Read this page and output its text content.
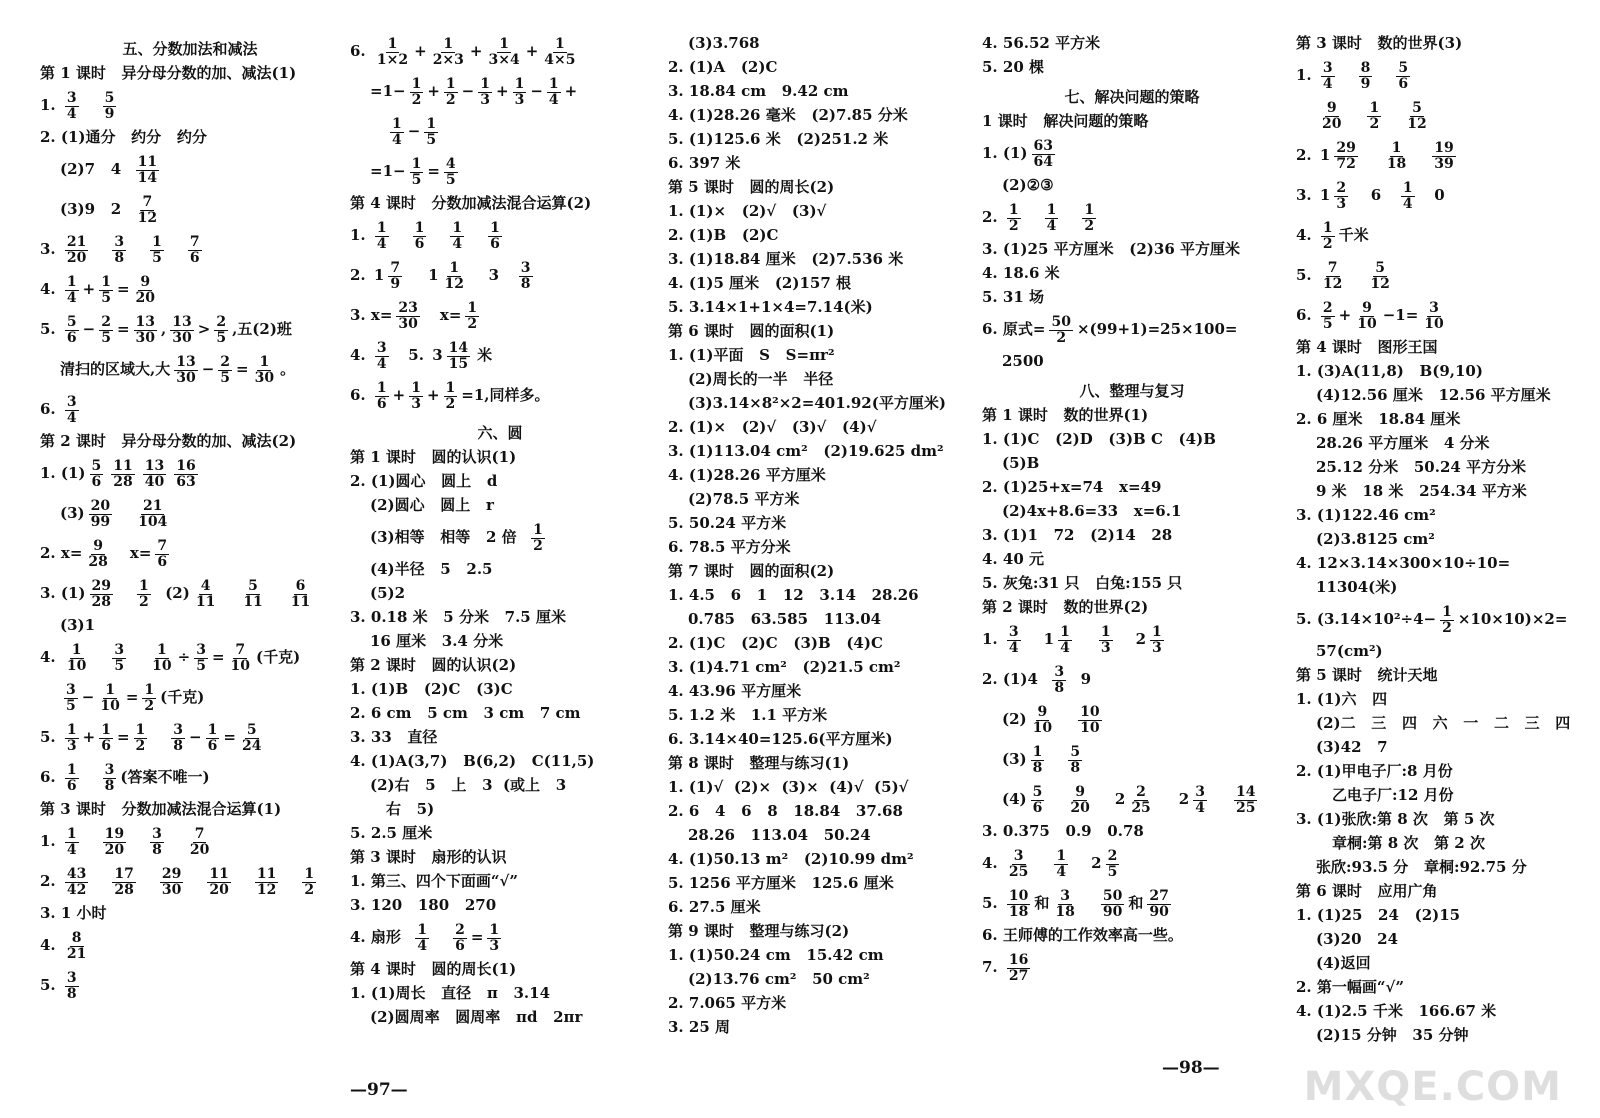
五、分数加法和减法
第 1 课时   异分母分数的加、减法(1)
1. $\frac{3}{4} \frac{5}{9}$
2. (1)通分   约分   约分
(2)7   $4 \frac{11}{14}$
(3)9   $2 \frac{7}{12}$
3. $\frac{21}{20} \frac{3}{8} \frac{1}{5} \frac{7}{6}$
4. $\frac{1}{4} + \frac{1}{5} = \frac{9}{20}$
5. $\frac{5}{6} - \frac{2}{5} = \frac{13}{30}$ , $\frac{13}{30} > \frac{2}{5}$ ,五(2)班
清扫的区域大,大 $\frac{13}{30} - \frac{2}{5} = \frac{1}{30}$ 。
6. $\frac{3}{4}$
第 2 课时   异分母分数的加、减法(2)
1. $(1) \frac{5}{6} \frac{11}{28} \frac{13}{40} \frac{16}{63}$
$(3) \frac{20}{99} \frac{21}{104}$
2. $x= \frac{9}{28} x= \frac{7}{6}$
3. $(1) \frac{29}{28} \frac{1}{2} (2) \frac{4}{11} \frac{5}{11} \frac{6}{11}$
(3)1
4. $\frac{1}{10} \frac{3}{5} \frac{1}{10} \div \frac{3}{5} = \frac{7}{10}$ (千克)
$\frac{3}{5} - \frac{1}{10} = \frac{1}{2}$ (千克)
5. $\frac{1}{3} + \frac{1}{6} = \frac{1}{2} \frac{3}{8} - \frac{1}{6} = \frac{5}{24}$
6. $\frac{1}{6} \frac{3}{8}$ (答案不唯一)
第 3 课时   分数加减法混合运算(1)
1. $\frac{1}{4} \frac{19}{20} \frac{3}{8} \frac{7}{20}$
2. $\frac{43}{42} \frac{17}{28} \frac{29}{30} \frac{11}{20} \frac{11}{12} \frac{1}{2}$
3. 1 小时
4. $\frac{8}{21}$
5. $\frac{3}{8}$
6. $\frac{1}{1\times 2} + \frac{1}{2\times 3} + \frac{1}{3\times 4} + \frac{1}{4\times 5}$
$=1- \frac{1}{2} + \frac{1}{2} - \frac{1}{3} + \frac{1}{3} - \frac{1}{4}$ +
$\frac{1}{4} - \frac{1}{5}$
$=1- \frac{1}{5} = \frac{4}{5}$
第 4 课时   分数加减法混合运算(2)
1. $\frac{1}{4} \frac{1}{6} \frac{1}{4} \frac{1}{6}$
2. $1 \frac{7}{9} 1 \frac{1}{12} 3 \frac{3}{8}$
3. $x= \frac{23}{30} x= \frac{1}{2}$
4. $\frac{3}{4} 5$. $3 \frac{14}{15}$ 米
6. $\frac{1}{6} + \frac{1}{3} + \frac{1}{2} =1$,同样多。
六、圆
第 1 课时   圆的认识(1)
2. (1)圆心   圆上   d
(2)圆心   圆上   r
(3)相等   相等   2 倍 $\frac{1}{2}$
(4)半径   5   2.5
(5)2
3. 0.18 米   5 分米   7.5 厘米
16 厘米   3.4 分米
第 2 课时   圆的认识(2)
1. (1)B   (2)C   (3)C
2. 6 cm   5 cm   3 cm   7 cm
3. 33   直径
4. (1)A(3,7)   B(6,2)   C(11,5)
(2)右   5   上   3  (或上   3
右   5)
5. 2.5 厘米
第 3 课时   扇形的认识
1. 第三、四个下面画“√”
3. 120   180   270
4. 扇形 $\frac{1}{4} \frac{2}{6} = \frac{1}{3}$
第 4 课时   圆的周长(1)
1. (1)周长   直径   π   3.14
(2)圆周率   圆周率   πd   2πr
(3)3.768
2. (1)A   (2)C
3. 18.84 cm   9.42 cm
4. (1)28.26 毫米   (2)7.85 分米
5. (1)125.6 米   (2)251.2 米
6. 397 米
第 5 课时   圆的周长(2)
1. (1)×   (2)√   (3)√
2. (1)B   (2)C
3. (1)18.84 厘米   (2)7.536 米
4. (1)5 厘米   (2)157 根
5. 3.14×1+1×4=7.14(米)
第 6 课时   圆的面积(1)
1. (1)平面   S   S=πr²
(2)周长的一半   半径
(3)3.14×8²×2=401.92(平方厘米)
2. (1)×   (2)√   (3)√   (4)√
3. (1)113.04 cm²   (2)19.625 dm²
4. (1)28.26 平方厘米
(2)78.5 平方米
5. 50.24 平方米
6. 78.5 平方分米
第 7 课时   圆的面积(2)
1. 4.5   6   1   12   3.14   28.26
0.785   63.585   113.04
2. (1)C   (2)C   (3)B   (4)C
3. (1)4.71 cm²   (2)21.5 cm²
4. 43.96 平方厘米
5. 1.2 米   1.1 平方米
6. 3.14×40=125.6(平方厘米)
第 8 课时   整理与练习(1)
1. (1)√  (2)×  (3)×  (4)√  (5)√
2. 6   4   6   8   18.84   37.68
28.26   113.04   50.24
4. (1)50.13 m²   (2)10.99 dm²
5. 1256 平方厘米   125.6 厘米
6. 27.5 厘米
第 9 课时   整理与练习(2)
1. (1)50.24 cm   15.42 cm
(2)13.76 cm²   50 cm²
2. 7.065 平方米
3. 25 周
4. 56.52 平方米
5. 20 棵
七、解决问题的策略
1 课时   解决问题的策略
1. $(1) \frac{63}{64}$
(2)②③
2. $\frac{1}{2} \frac{1}{4} \frac{1}{2}$
3. (1)25 平方厘米   (2)36 平方厘米
4. 18.6 米
5. 31 场
6. 原式= $\frac{50}{2} \times(99+1)=25\times 100=$
2500
八、整理与复习
第 1 课时   数的世界(1)
1. (1)C   (2)D   (3)B C   (4)B
(5)B
2. (1)25+x=74   x=49
(2)4x+8.6=33   x=6.1
3. (1)1   72   (2)14   28
4. 40 元
5. 灰兔:31 只   白兔:155 只
第 2 课时   数的世界(2)
1. $\frac{3}{4} 1 \frac{1}{4} \frac{1}{3} 2 \frac{1}{3}$
2. $(1)4 \frac{3}{8} 9$
$(2) \frac{9}{10} \frac{10}{10}$
$(3) \frac{1}{8} \frac{5}{8}$
$(4) \frac{5}{6} \frac{9}{20} 2 \frac{2}{25} 2 \frac{3}{4} \frac{14}{25}$
3. 0.375   0.9   0.78
4. $\frac{3}{25} \frac{1}{4} 2 \frac{2}{5}$
5. $\frac{10}{18}$ 和 $\frac{3}{18} \frac{50}{90}$ 和 $\frac{27}{90}$
6. 王师傅的工作效率高一些。
7. $\frac{16}{27}$
第 3 课时   数的世界(3)
1. $\frac{3}{4} \frac{8}{9} \frac{5}{6}$
$\frac{9}{20} \frac{1}{2} \frac{5}{12}$
2. $1 \frac{29}{72} \frac{1}{18} \frac{19}{39}$
3. $1 \frac{2}{3} 6 \frac{1}{4} 0$
4. $\frac{1}{2}$ 千米
5. $\frac{7}{12} \frac{5}{12}$
6. $\frac{2}{5} + \frac{9}{10} -1= \frac{3}{10}$
第 4 课时   图形王国
1. (3)A(11,8)   B(9,10)
(4)12.56 厘米   12.56 平方厘米
2. 6 厘米   18.84 厘米
28.26 平方厘米   4 分米
25.12 分米   50.24 平方分米
9 米   18 米   254.34 平方米
3. (1)122.46 cm²
(2)3.8125 cm²
4. 12×3.14×300×10÷10=
11304(米)
5. $(3.14\times 10^2\div 4- \frac{1}{2} \times 10\times 10)\times 2=$
57(cm²)
第 5 课时   统计天地
1. (1)六   四
(2)二   三   四   六   一   二   三   四
(3)42   7
2. (1)甲电子厂:8 月份
乙电子厂:12 月份
3. (1)张欣:第 8 次   第 5 次
章桐:第 8 次   第 2 次
张欣:93.5 分   章桐:92.75 分
第 6 课时   应用广角
1. (1)25   24   (2)15
(3)20   24
(4)返回
2. 第一幅画“√”
4. (1)2.5 千米   166.67 米
(2)15 分钟   35 分钟
—97—
—98— MXQE.COM
